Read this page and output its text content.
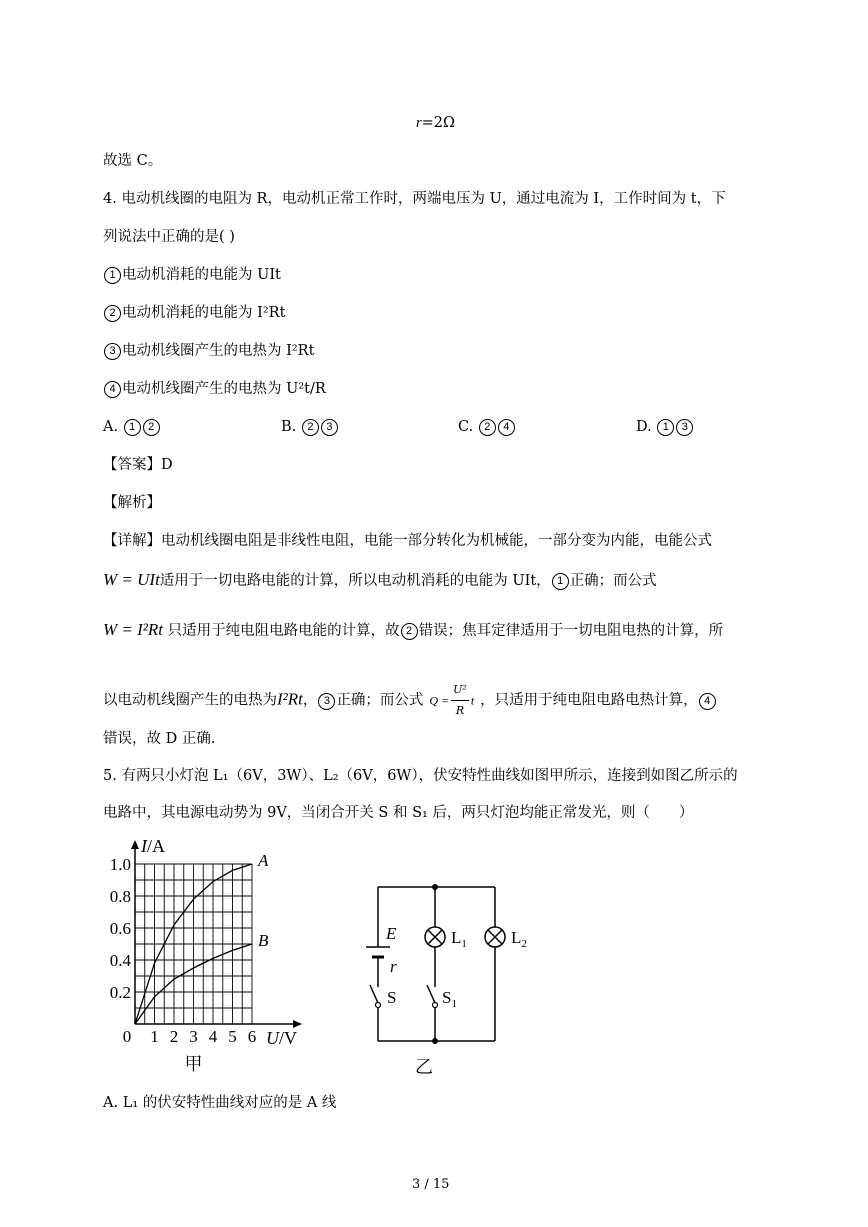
r=2Ω
故选 C。
4. 电动机线圈的电阻为 R，电动机正常工作时，两端电压为 U，通过电流为 I，工作时间为 t，下
列说法中正确的是( )
1 电动机消耗的电能为 UIt
2 电动机消耗的电能为 I²Rt
3 电动机线圈产生的电热为 I²Rt
4 电动机线圈产生的电热为 U²t/R
A. 1 2	B. 2 3	C. 2 4	D. 1 3
【答案】D
【解析】
【详解】电动机线圈电阻是非线性电阻，电能一部分转化为机械能，一部分变为内能，电能公式
W = UIt适用于一切电路电能的计算，所以电动机消耗的电能为 UIt， 1 正确；而公式
W = I²Rt 只适用于纯电阻电路电能的计算，故 2 错误；焦耳定律适用于一切电阻电热的计算，所
以电动机线圈产生的电热为I²Rt， 3 正确；而公式 $Q = \frac{\text{U²}}{R}$ t ，只适用于纯电阻电路电热计算， 4
错误，故 D 正确.
5. 有两只小灯泡 L₁（6V，3W）、L₂（6V，6W），伏安特性曲线如图甲所示，连接到如图乙所示的
电路中，其电源电动势为 9V，当闭合开关 S 和 S₁ 后，两只灯泡均能正常发光，则（　　）
0 1 2 3 4 5 6
0.2
0.4
0.6
0.8
1.0
I/A
U/V
A
B
甲
E
r
S	$S_1$
$L_1$	$L_2$
乙
A. L₁ 的伏安特性曲线对应的是 A 线
3 / 15
